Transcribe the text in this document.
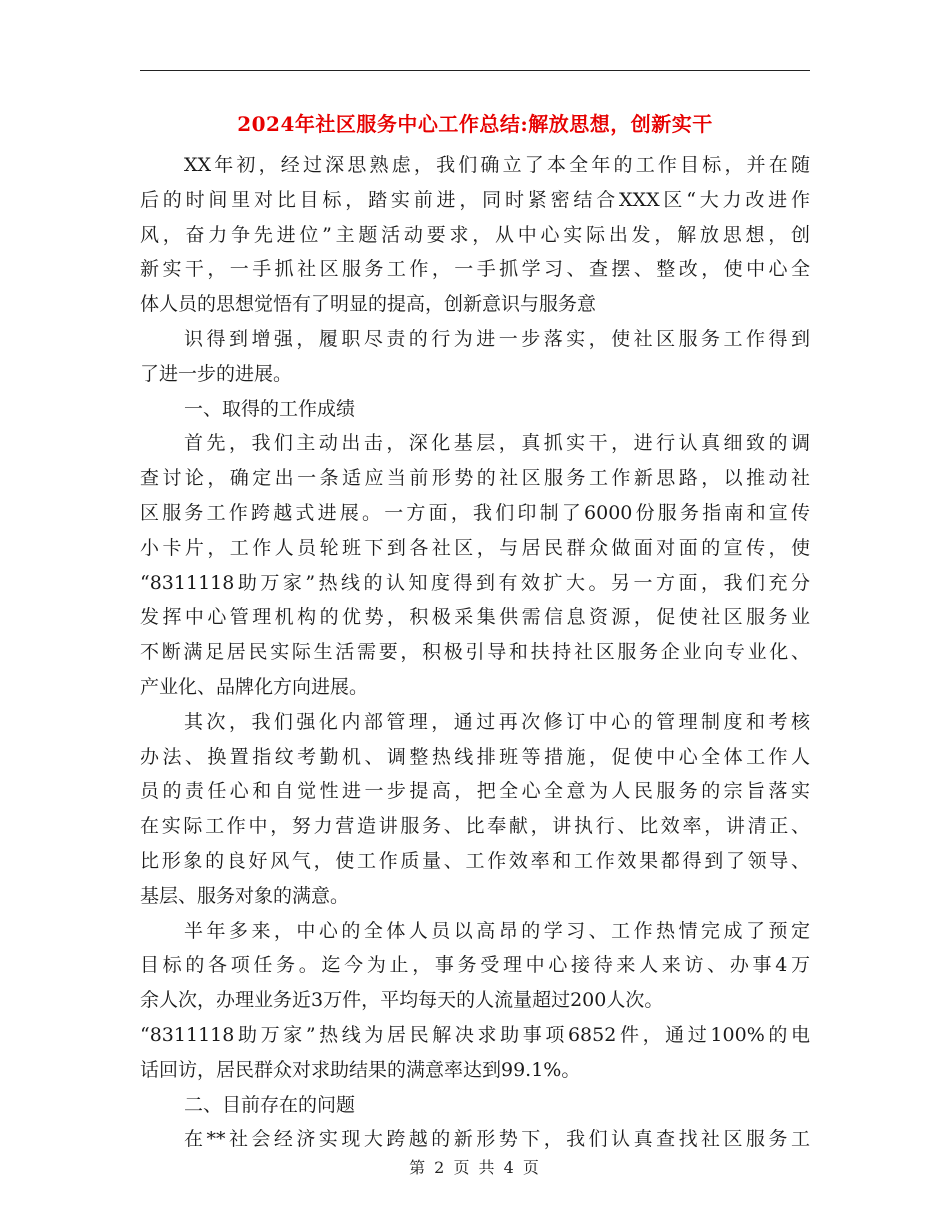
2024年社区服务中心工作总结:解放思想，创新实干
XX年初，经过深思熟虑，我们确立了本全年的工作目标，并在随
后的时间里对比目标，踏实前进，同时紧密结合XXX区“大力改进作
风，奋力争先进位”主题活动要求，从中心实际出发，解放思想，创
新实干，一手抓社区服务工作，一手抓学习、查摆、整改，使中心全
体人员的思想觉悟有了明显的提高，创新意识与服务意
识得到增强，履职尽责的行为进一步落实，使社区服务工作得到
了进一步的进展。
一、取得的工作成绩
首先，我们主动出击，深化基层，真抓实干，进行认真细致的调
查讨论，确定出一条适应当前形势的社区服务工作新思路，以推动社
区服务工作跨越式进展。一方面，我们印制了6000份服务指南和宣传
小卡片，工作人员轮班下到各社区，与居民群众做面对面的宣传，使
“8311118助万家”热线的认知度得到有效扩大。另一方面，我们充分
发挥中心管理机构的优势，积极采集供需信息资源，促使社区服务业
不断满足居民实际生活需要，积极引导和扶持社区服务企业向专业化、
产业化、品牌化方向进展。
其次，我们强化内部管理，通过再次修订中心的管理制度和考核
办法、换置指纹考勤机、调整热线排班等措施，促使中心全体工作人
员的责任心和自觉性进一步提高，把全心全意为人民服务的宗旨落实
在实际工作中，努力营造讲服务、比奉献，讲执行、比效率，讲清正、
比形象的良好风气，使工作质量、工作效率和工作效果都得到了领导、
基层、服务对象的满意。
半年多来，中心的全体人员以高昂的学习、工作热情完成了预定
目标的各项任务。迄今为止，事务受理中心接待来人来访、办事4万
余人次，办理业务近3万件，平均每天的人流量超过200人次。
“8311118助万家”热线为居民解决求助事项6852件，通过100%的电
话回访，居民群众对求助结果的满意率达到99.1%。
二、目前存在的问题
在**社会经济实现大跨越的新形势下，我们认真查找社区服务工
第 2 页 共 4 页
